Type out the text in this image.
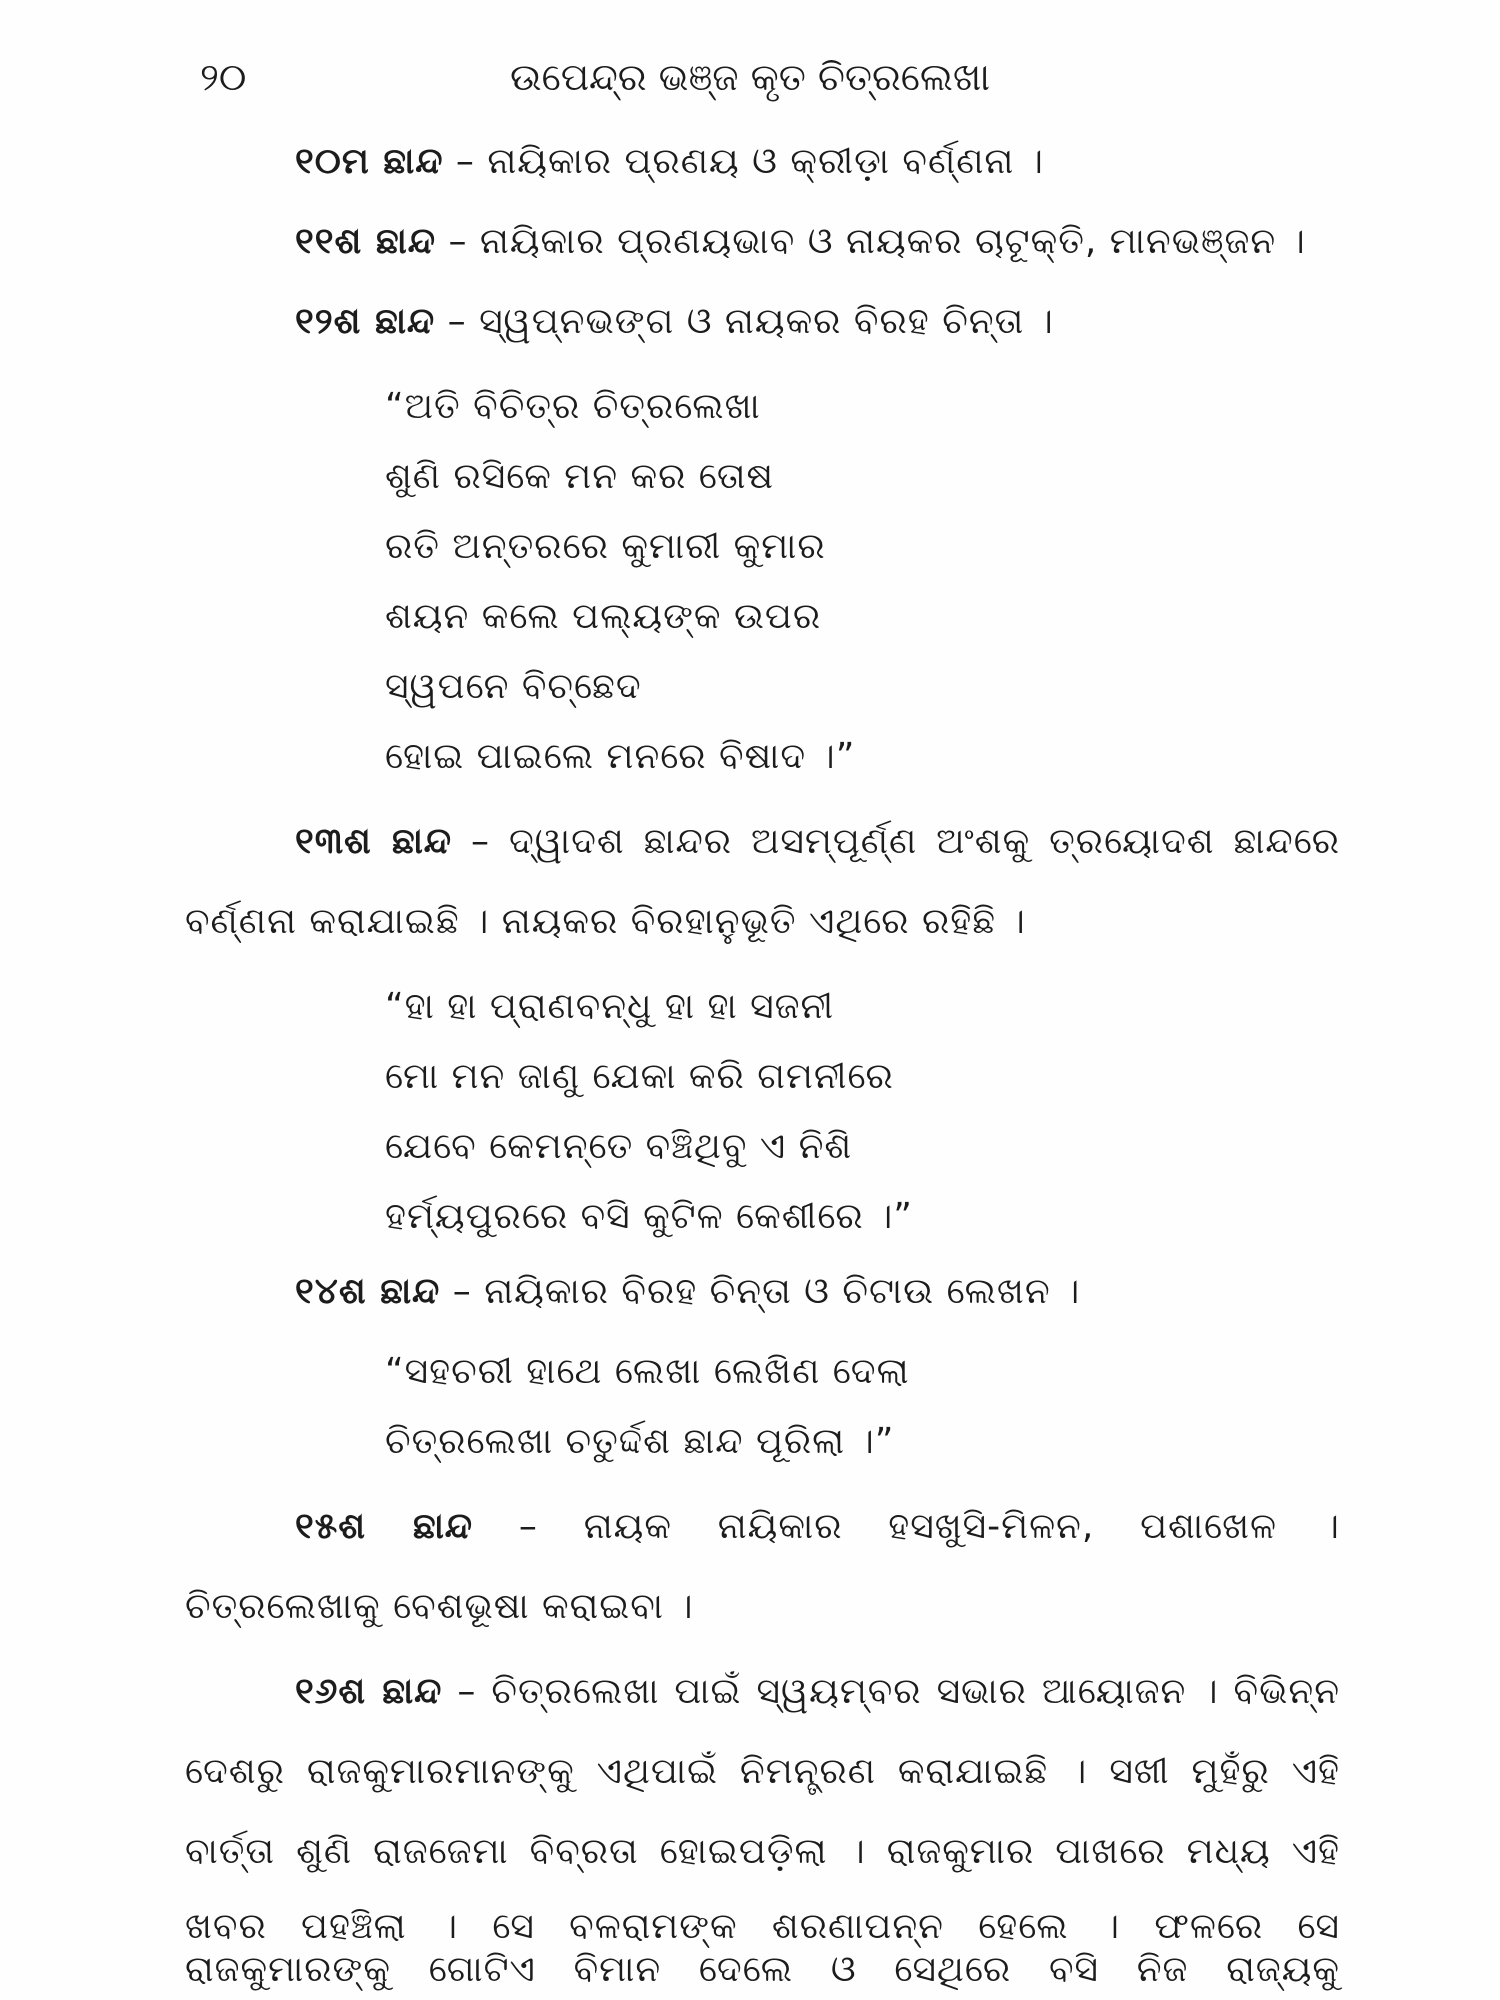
୨୦	ଉପେନ୍ଦ୍ର ଭଞ୍ଜ କୃତ ଚିତ୍ରଲେଖା
୧୦ମ ଛାନ୍ଦ – ନାୟିକାର ପ୍ରଣୟ ଓ କ୍ରୀଡ଼ା ବର୍ଣ୍ଣନା ।
୧୧ଶ ଛାନ୍ଦ – ନାୟିକାର ପ୍ରଣୟଭାବ ଓ ନାୟକର ଚାଟୂକ୍ତି, ମାନଭଞ୍ଜନ ।
୧୨ଶ ଛାନ୍ଦ – ସ୍ୱପ୍ନଭଙ୍ଗ ଓ ନାୟକର ବିରହ ଚିନ୍ତା ।
“ଅତି ବିଚିତ୍ର ଚିତ୍ରଲେଖା
ଶୁଣି ରସିକେ ମନ କର ତୋଷ
ରତି ଅନ୍ତରରେ କୁମାରୀ କୁମାର
ଶୟନ କଲେ ପଲ୍ୟଙ୍କ ଉପର
ସ୍ୱପନେ ବିଚ୍ଛେଦ
ହୋଇ ପାଇଲେ ମନରେ ବିଷାଦ ।”
୧୩ଶ ଛାନ୍ଦ – ଦ୍ୱାଦଶ ଛାନ୍ଦର ଅସମ୍ପୂର୍ଣ୍ଣ ଅଂଶକୁ ତ୍ରୟୋଦଶ ଛାନ୍ଦରେ
ବର୍ଣ୍ଣନା କରାଯାଇଛି । ନାୟକର ବିରହାନୁଭୂତି ଏଥିରେ ରହିଛି ।
“ହା ହା ପ୍ରାଣବନ୍ଧୁ ହା ହା ସଜନୀ
ମୋ ମନ ଜାଣୁ ଯେକା କରି ଗମନୀରେ
ଯେବେ କେମନ୍ତେ ବଞ୍ଚିଥିବୁ ଏ ନିଶି
ହର୍ମ୍ୟପୁରରେ ବସି କୁଟିଳ କେଶୀରେ ।”
୧୪ଶ ଛାନ୍ଦ – ନାୟିକାର ବିରହ ଚିନ୍ତା ଓ ଚିଟାଉ ଲେଖନ ।
“ସହଚରୀ ହାଥେ ଲେଖା ଲେଖିଣ ଦେଲା
ଚିତ୍ରଲେଖା ଚତୁର୍ଦ୍ଦଶ ଛାନ୍ଦ ପୂରିଲା ।”
୧୫ଶ ଛାନ୍ଦ – ନାୟକ ନାୟିକାର ହସଖୁସି-ମିଳନ, ପଶାଖେଳ ।
ଚିତ୍ରଲେଖାକୁ ବେଶଭୂଷା କରାଇବା ।
୧୬ଶ ଛାନ୍ଦ – ଚିତ୍ରଲେଖା ପାଇଁ ସ୍ୱୟମ୍ବର ସଭାର ଆୟୋଜନ । ବିଭିନ୍ନ
ଦେଶରୁ ରାଜକୁମାରମାନଙ୍କୁ ଏଥିପାଇଁ ନିମନ୍ତ୍ରଣ କରାଯାଇଛି । ସଖୀ ମୁହଁରୁ ଏହି
ବାର୍ତ୍ତା ଶୁଣି ରାଜଜେମା ବିବ୍ରତା ହୋଇପଡ଼ିଲା । ରାଜକୁମାର ପାଖରେ ମଧ୍ୟ ଏହି
ଖବର ପହଞ୍ଚିଲା । ସେ ବଳରାମଙ୍କ ଶରଣାପନ୍ନ ହେଲେ । ଫଳରେ ସେ
ରାଜକୁମାରଙ୍କୁ ଗୋଟିଏ ବିମାନ ଦେଲେ ଓ ସେଥିରେ ବସି ନିଜ ରାଜ୍ୟକୁ
